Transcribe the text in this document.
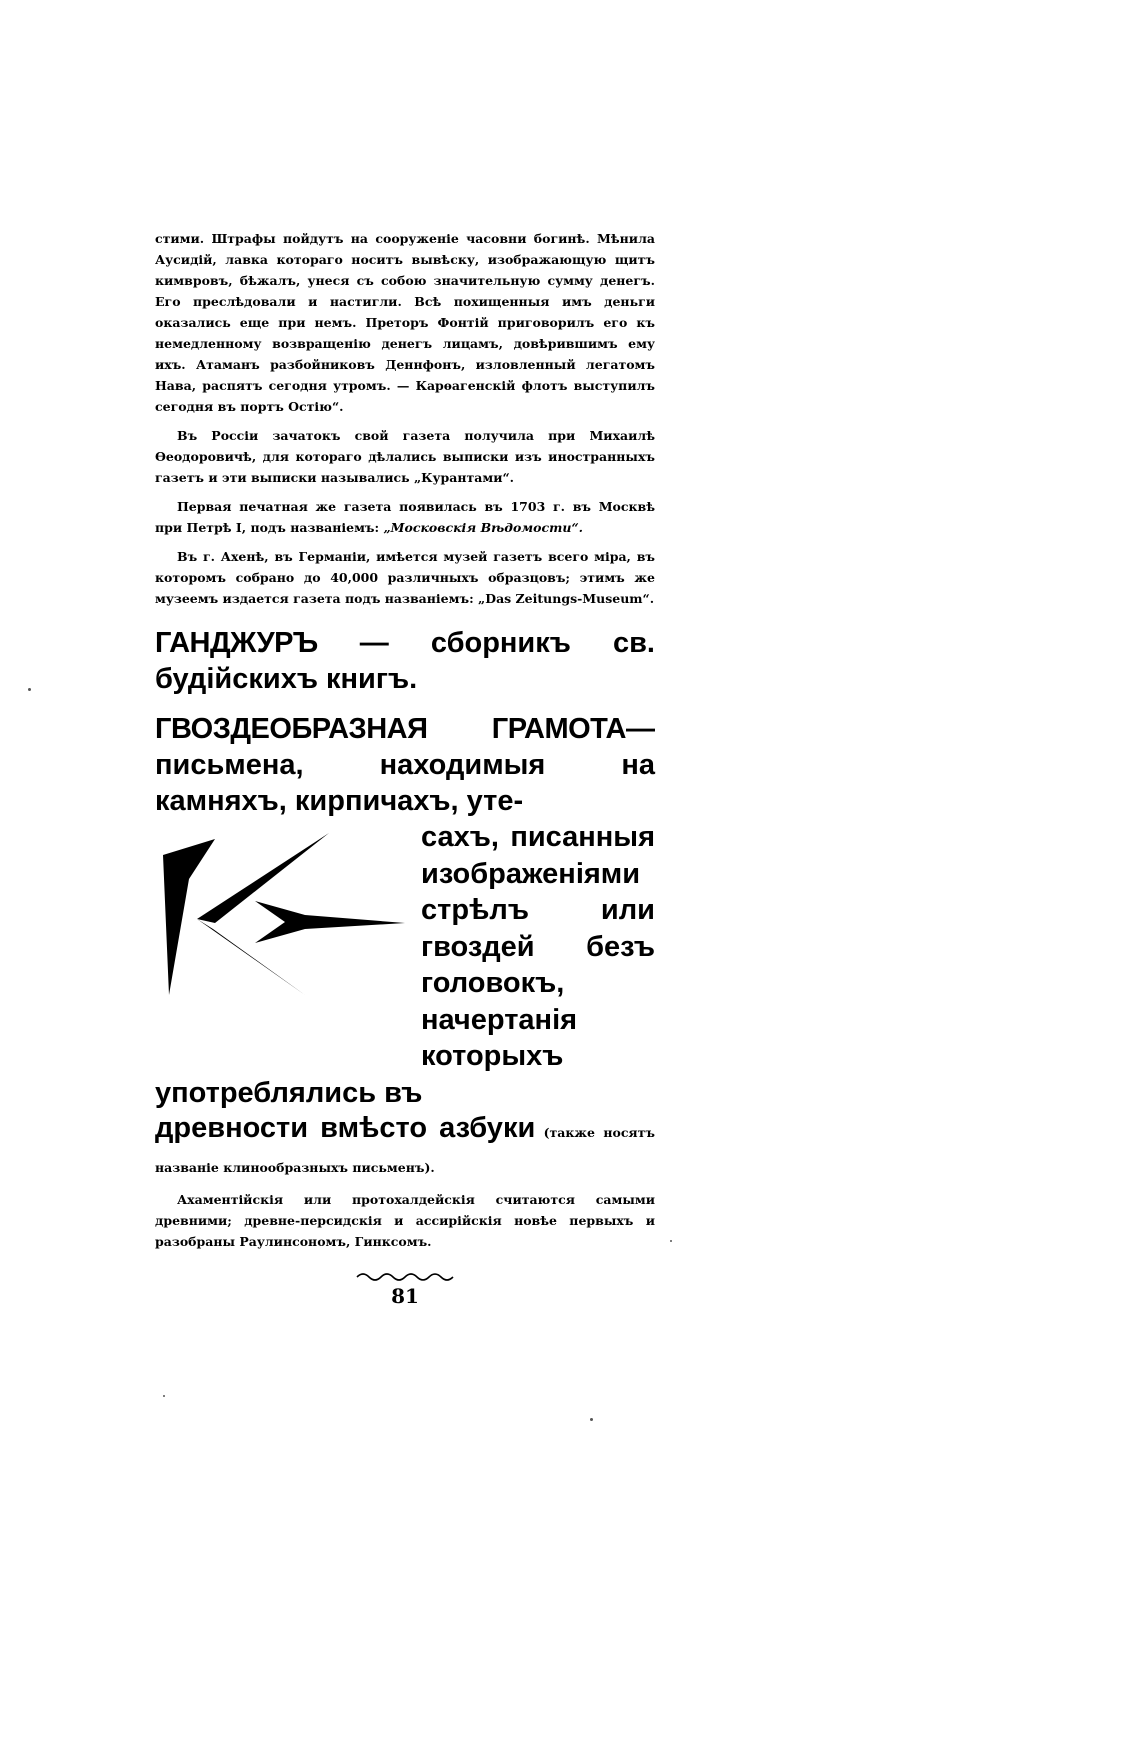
стими. Штрафы пойдутъ на сооруженіе часовни богинѣ. Мѣнила Аусидій, лавка котораго носитъ вывѣску, изображающую щитъ кимвровъ, бѣжалъ, унеся съ собою значительную сумму денегъ. Его преслѣдовали и настигли. Всѣ похищенныя имъ деньги оказались еще при немъ. Преторъ Фонтій приговорилъ его къ немедленному возвращенію денегъ лицамъ, довѣрившимъ ему ихъ. Атаманъ разбойниковъ Деннфонъ, изловленный легатомъ Нава, распятъ сегодня утромъ. — Карѳагенскій флотъ выступилъ сегодня въ портъ Остію“.

Въ Россіи зачатокъ свой газета получила при Михаилѣ Ѳеодоровичѣ, для котораго дѣлались выписки изъ иностранныхъ газетъ и эти выписки назывались „Курантами“.

Первая печатная же газета появилась въ 1703 г. въ Москвѣ при Петрѣ I, подъ названіемъ: „Московскія Вѣдомости“.

Въ г. Ахенѣ, въ Германіи, имѣется музей газетъ всего міра, въ которомъ собрано до 40,000 различныхъ образцовъ; этимъ же музеемъ издается газета подъ названіемъ: „Das Zeitungs-Museum“.

ГАНДЖУРЪ — сборникъ св. будійскихъ книгъ.
ГВОЗДЕОБРАЗНАЯ ГРАМОТА—письмена, находимыя на камняхъ, кирпичахъ, уте-
сахъ, писанныя изображеніями стрѣлъ или гвоздей безъ головокъ, начертанія которыхъ употреблялись въ
древности вмѣсто азбуки (также носятъ названіе клинообразныхъ письменъ).

Ахаментійскія или протохалдейскія считаются самыми древними; древне-персидскія и ассирійскія новѣе первыхъ и разобраны Раулинсономъ, Гинксомъ.

81
